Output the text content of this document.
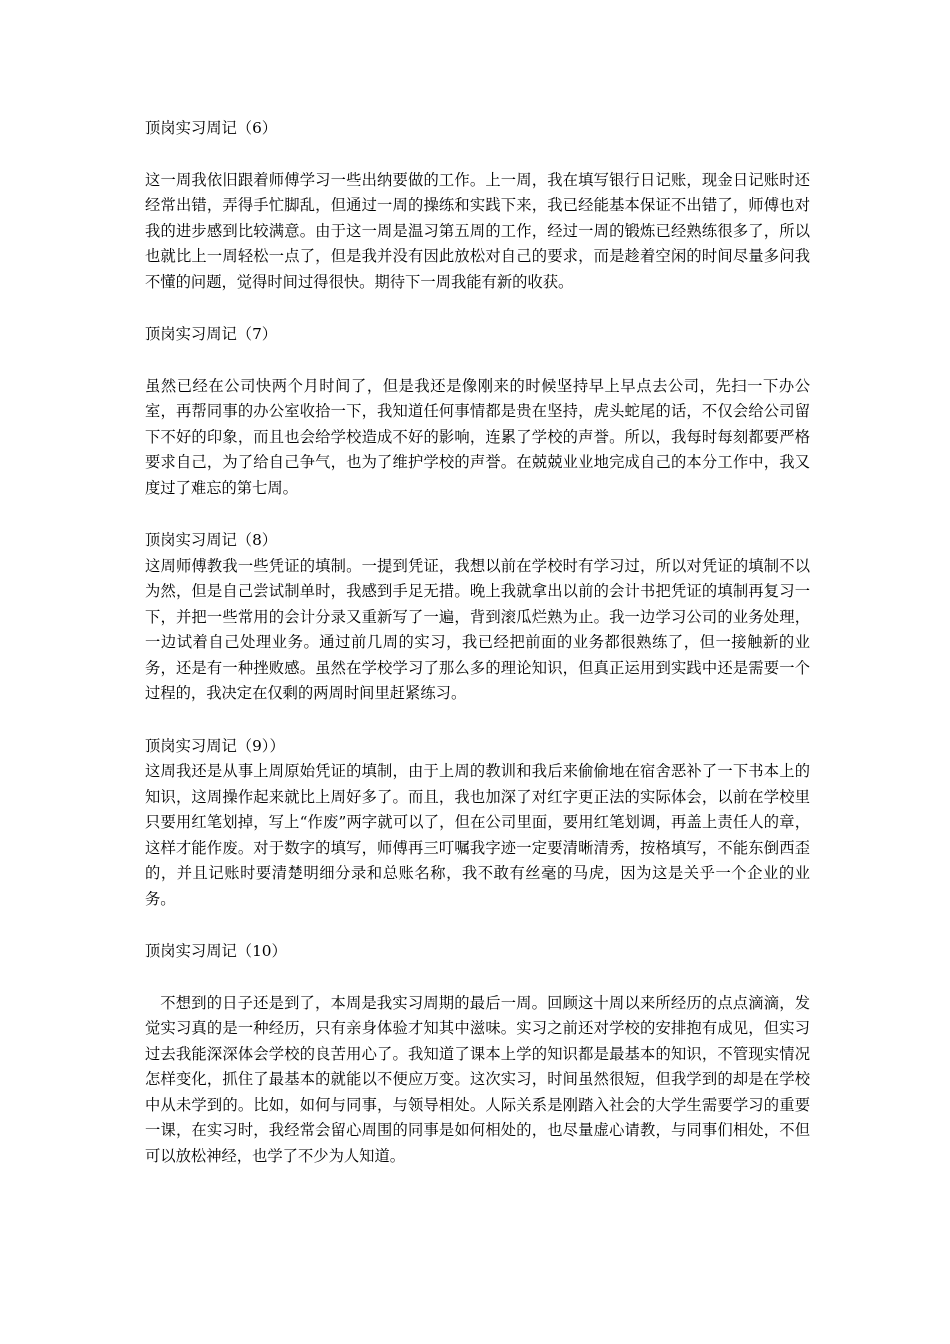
顶岗实习周记（6）

这一周我依旧跟着师傅学习一些出纳要做的工作。上一周，我在填写银行日记账，现金日记账时还经常出错，弄得手忙脚乱，但通过一周的操练和实践下来，我已经能基本保证不出错了，师傅也对我的进步感到比较满意。由于这一周是温习第五周的工作，经过一周的锻炼已经熟练很多了，所以也就比上一周轻松一点了，但是我并没有因此放松对自己的要求，而是趁着空闲的时间尽量多问我不懂的问题，觉得时间过得很快。期待下一周我能有新的收获。

顶岗实习周记（7）

虽然已经在公司快两个月时间了，但是我还是像刚来的时候坚持早上早点去公司，先扫一下办公室，再帮同事的办公室收拾一下，我知道任何事情都是贵在坚持，虎头蛇尾的话，不仅会给公司留下不好的印象，而且也会给学校造成不好的影响，连累了学校的声誉。所以，我每时每刻都要严格要求自己，为了给自己争气，也为了维护学校的声誉。在兢兢业业地完成自己的本分工作中，我又度过了难忘的第七周。

顶岗实习周记（8）

这周师傅教我一些凭证的填制。一提到凭证，我想以前在学校时有学习过，所以对凭证的填制不以为然，但是自己尝试制单时，我感到手足无措。晚上我就拿出以前的会计书把凭证的填制再复习一下，并把一些常用的会计分录又重新写了一遍，背到滚瓜烂熟为止。我一边学习公司的业务处理，一边试着自己处理业务。通过前几周的实习，我已经把前面的业务都很熟练了，但一接触新的业务，还是有一种挫败感。虽然在学校学习了那么多的理论知识，但真正运用到实践中还是需要一个过程的，我决定在仅剩的两周时间里赶紧练习。

顶岗实习周记（9））

这周我还是从事上周原始凭证的填制，由于上周的教训和我后来偷偷地在宿舍恶补了一下书本上的知识，这周操作起来就比上周好多了。而且，我也加深了对红字更正法的实际体会，以前在学校里只要用红笔划掉，写上“作废”两字就可以了，但在公司里面，要用红笔划调，再盖上责任人的章，这样才能作废。对于数字的填写，师傅再三叮嘱我字迹一定要清晰清秀，按格填写，不能东倒西歪的，并且记账时要清楚明细分录和总账名称，我不敢有丝毫的马虎，因为这是关乎一个企业的业务。

顶岗实习周记（10）

不想到的日子还是到了，本周是我实习周期的最后一周。回顾这十周以来所经历的点点滴滴，发觉实习真的是一种经历，只有亲身体验才知其中滋味。实习之前还对学校的安排抱有成见，但实习过去我能深深体会学校的良苦用心了。我知道了课本上学的知识都是最基本的知识，不管现实情况怎样变化，抓住了最基本的就能以不便应万变。这次实习，时间虽然很短，但我学到的却是在学校中从未学到的。比如，如何与同事，与领导相处。人际关系是刚踏入社会的大学生需要学习的重要一课，在实习时，我经常会留心周围的同事是如何相处的，也尽量虚心请教，与同事们相处，不但可以放松神经，也学了不少为人知道。
